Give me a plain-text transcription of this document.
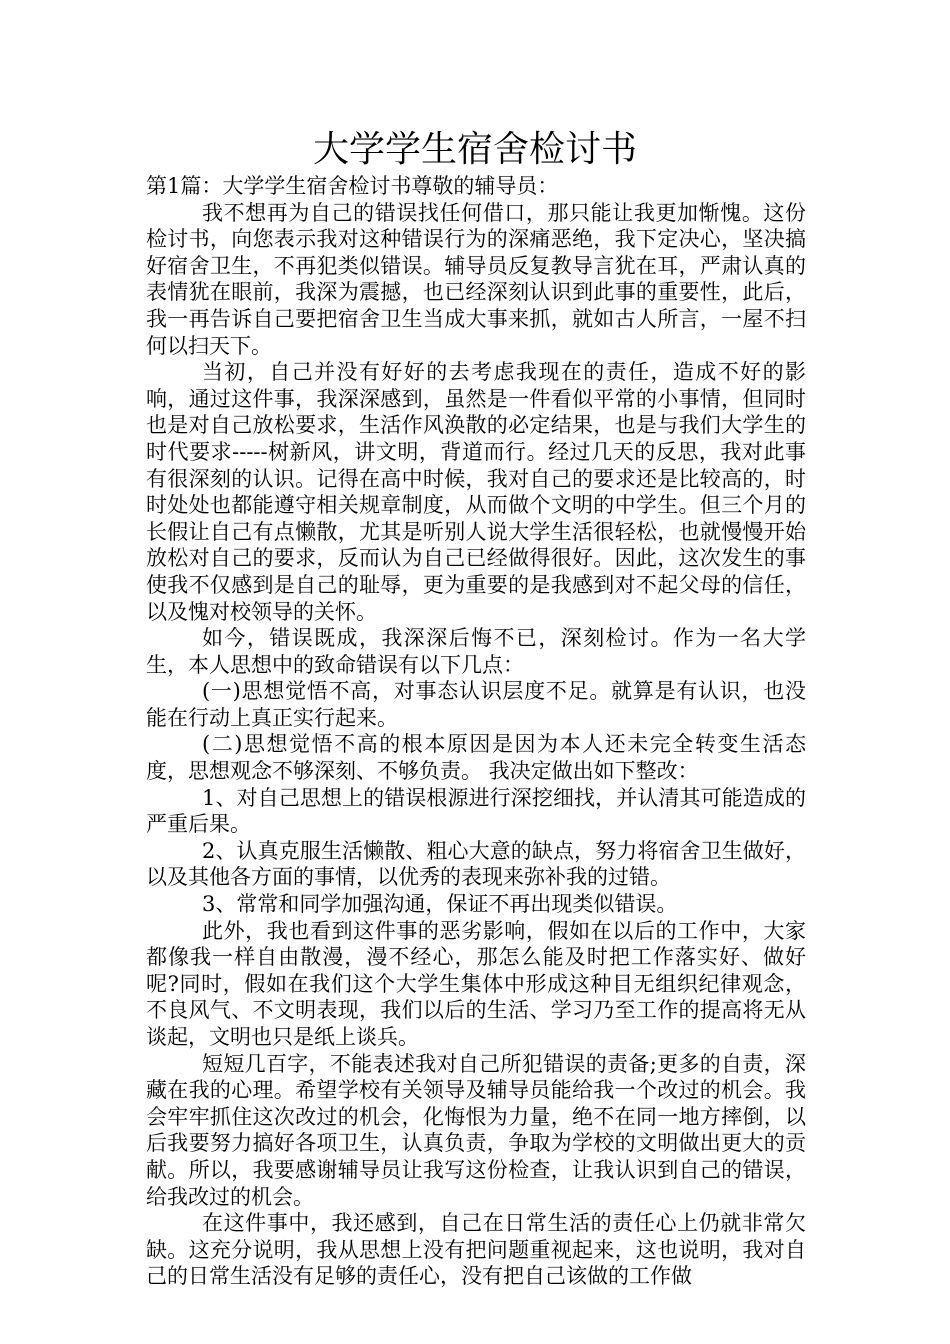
大学学生宿舍检讨书

第1篇：大学学生宿舍检讨书尊敬的辅导员：

我不想再为自己的错误找任何借口，那只能让我更加惭愧。这份检讨书，向您表示我对这种错误行为的深痛恶绝，我下定决心，坚决搞好宿舍卫生，不再犯类似错误。辅导员反复教导言犹在耳，严肃认真的表情犹在眼前，我深为震撼，也已经深刻认识到此事的重要性，此后，我一再告诉自己要把宿舍卫生当成大事来抓，就如古人所言，一屋不扫何以扫天下。

当初，自己并没有好好的去考虑我现在的责任，造成不好的影响，通过这件事，我深深感到，虽然是一件看似平常的小事情，但同时也是对自己放松要求，生活作风涣散的必定结果，也是与我们大学生的时代要求-----树新风，讲文明，背道而行。经过几天的反思，我对此事有很深刻的认识。记得在高中时候，我对自己的要求还是比较高的，时时处处也都能遵守相关规章制度，从而做个文明的中学生。但三个月的长假让自己有点懒散，尤其是听别人说大学生活很轻松，也就慢慢开始放松对自己的要求，反而认为自己已经做得很好。因此，这次发生的事使我不仅感到是自己的耻辱，更为重要的是我感到对不起父母的信任，以及愧对校领导的关怀。

如今，错误既成，我深深后悔不已，深刻检讨。作为一名大学生，本人思想中的致命错误有以下几点：

(一)思想觉悟不高，对事态认识层度不足。就算是有认识，也没能在行动上真正实行起来。

(二)思想觉悟不高的根本原因是因为本人还未完全转变生活态度，思想观念不够深刻、不够负责。 我决定做出如下整改：

1、对自己思想上的错误根源进行深挖细找，并认清其可能造成的严重后果。

2、认真克服生活懒散、粗心大意的缺点，努力将宿舍卫生做好，以及其他各方面的事情，以优秀的表现来弥补我的过错。

3、常常和同学加强沟通，保证不再出现类似错误。

此外，我也看到这件事的恶劣影响，假如在以后的工作中，大家都像我一样自由散漫，漫不经心，那怎么能及时把工作落实好、做好呢?同时，假如在我们这个大学生集体中形成这种目无组织纪律观念，不良风气、不文明表现，我们以后的生活、学习乃至工作的提高将无从谈起，文明也只是纸上谈兵。

短短几百字，不能表述我对自己所犯错误的责备;更多的自责，深藏在我的心理。希望学校有关领导及辅导员能给我一个改过的机会。我会牢牢抓住这次改过的机会，化悔恨为力量，绝不在同一地方摔倒，以后我要努力搞好各项卫生，认真负责，争取为学校的文明做出更大的贡献。所以，我要感谢辅导员让我写这份检查，让我认识到自己的错误，给我改过的机会。

在这件事中，我还感到，自己在日常生活的责任心上仍就非常欠缺。这充分说明，我从思想上没有把问题重视起来，这也说明，我对自己的日常生活没有足够的责任心，没有把自己该做的工作做
